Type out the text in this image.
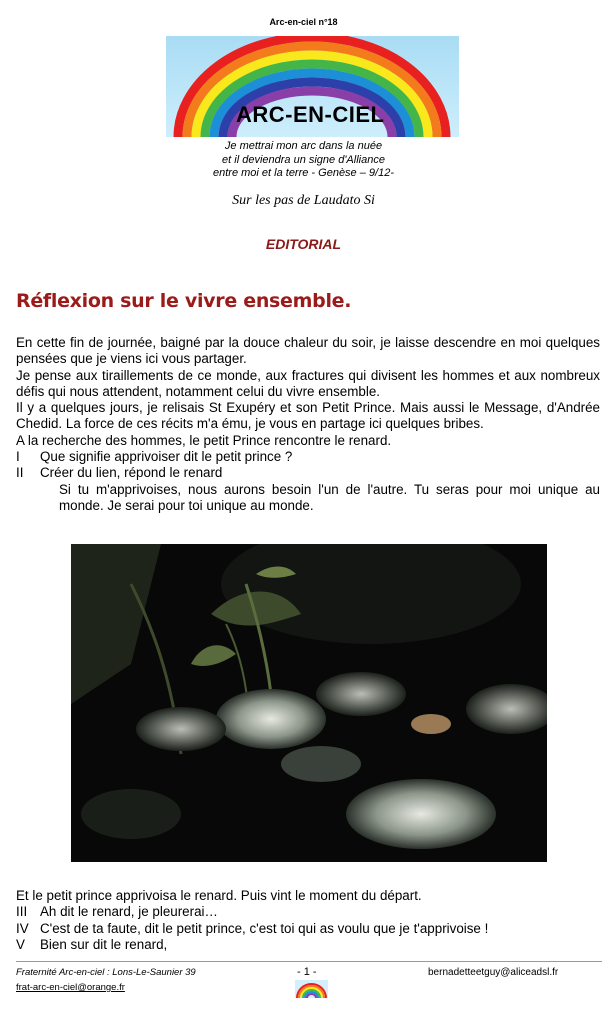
Arc-en-ciel n°18
ARC-EN-CIEL
Je mettrai mon arc dans la nuée
et il deviendra un signe d'Alliance
entre moi et la terre - Genèse – 9/12-
Sur les pas de Laudato Si
EDITORIAL
Réflexion sur le vivre ensemble.

En cette fin de journée, baigné par la douce chaleur du soir, je laisse descendre en moi quelques pensées que je viens ici vous partager.

Je pense aux tiraillements de ce monde, aux fractures qui divisent les hommes et aux nombreux défis qui nous attendent, notamment celui du vivre ensemble.

Il y a quelques jours, je relisais St Exupéry et son Petit Prince. Mais aussi le Message, d'Andrée Chedid. La force de ces récits m'a ému, je vous en partage ici quelques bribes.

A la recherche des hommes, le petit Prince rencontre le renard.

I	Que signifie apprivoiser dit le petit prince ?
II	Créer du lien, répond le renard

Si tu m'apprivoises, nous aurons besoin l'un de l'autre. Tu seras pour moi unique au monde. Je serai pour toi unique au monde.

Et le petit prince apprivoisa le renard. Puis vint le moment du départ.

III Ah dit le renard, je pleurerai…
IV C'est de ta faute, dit le petit prince, c'est toi qui as voulu que je t'apprivoise !
V	Bien sur dit le renard,
Fraternité Arc-en-ciel : Lons-Le-Saunier 39
frat-arc-en-ciel@orange.fr
- 1 -	bernadetteetguy@aliceadsl.fr
